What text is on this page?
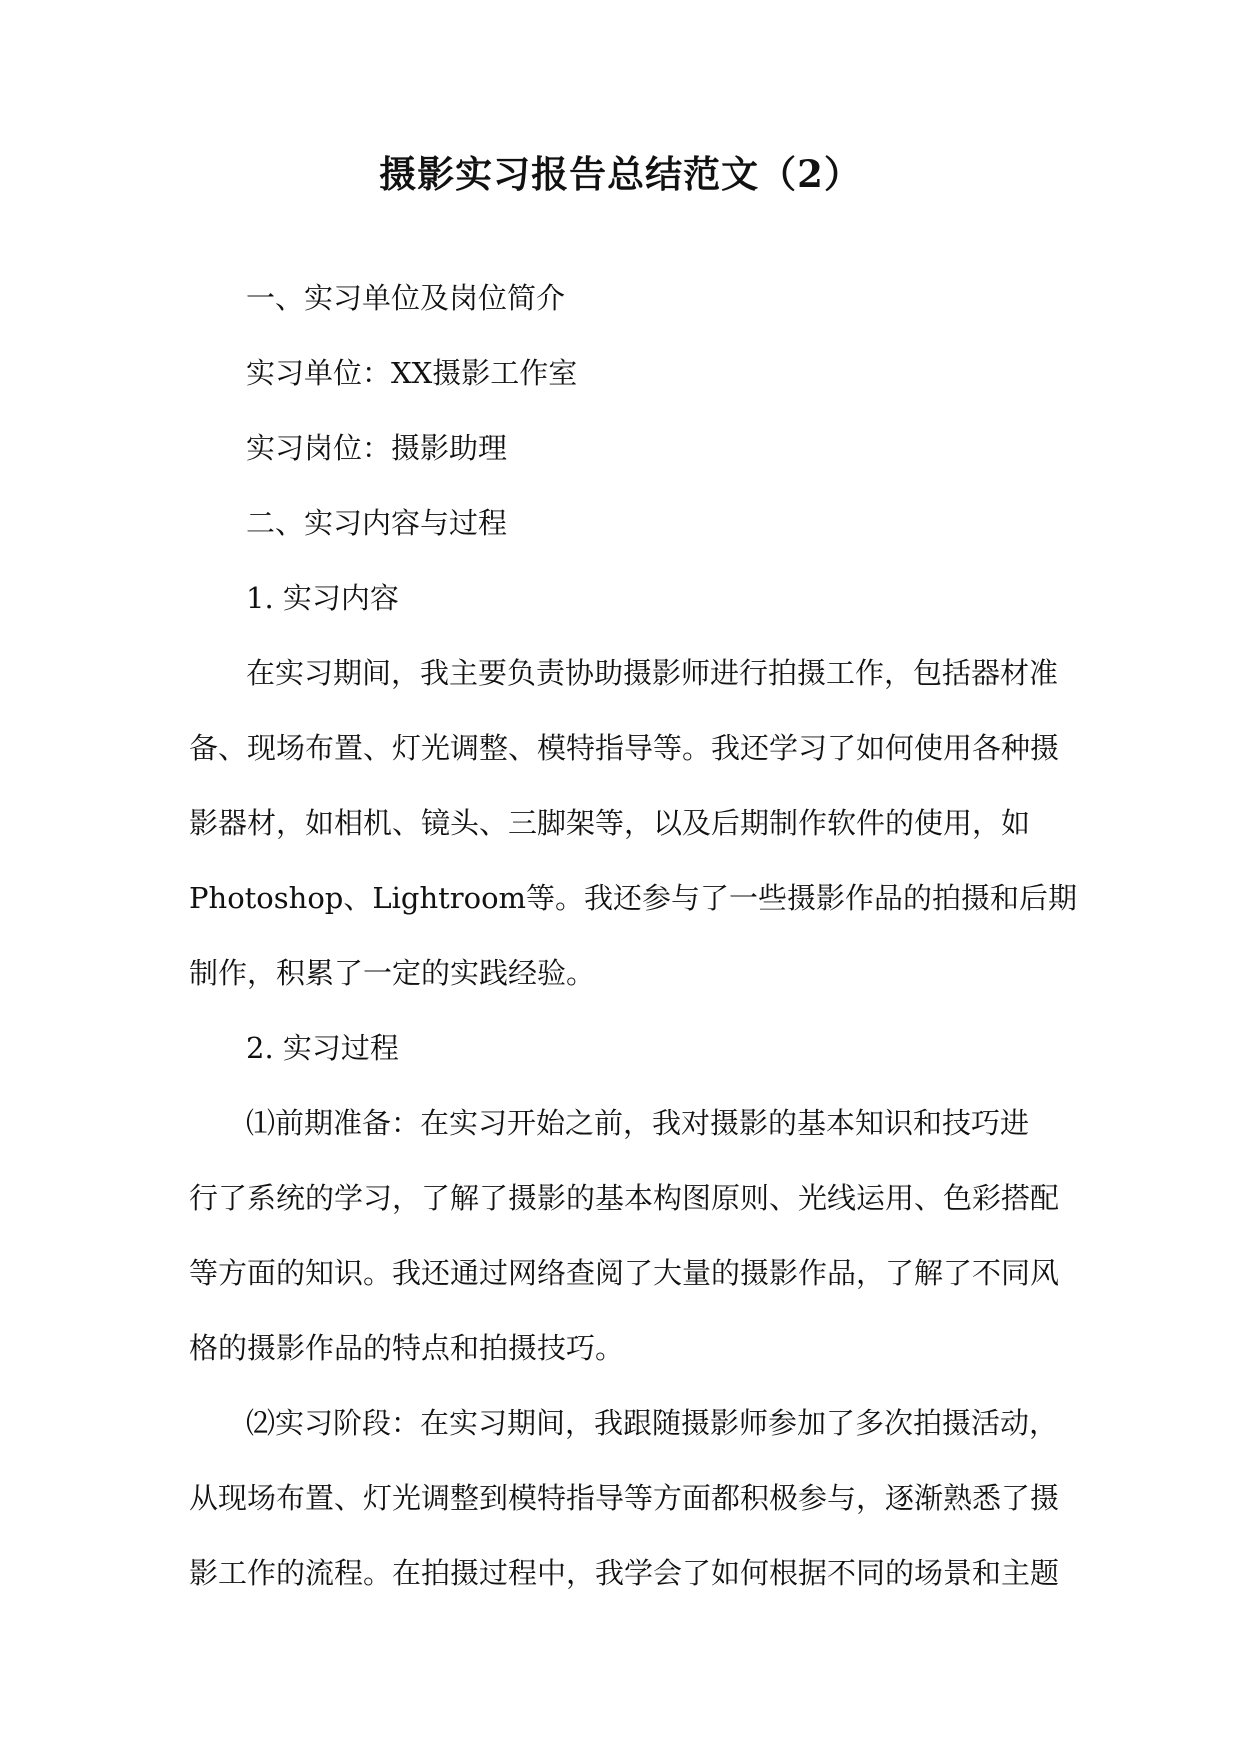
摄影实习报告总结范文（2）
一、实习单位及岗位简介
实习单位：XX摄影工作室
实习岗位：摄影助理
二、实习内容与过程
1. 实习内容
在实习期间，我主要负责协助摄影师进行拍摄工作，包括器材准
备、现场布置、灯光调整、模特指导等。我还学习了如何使用各种摄
影器材，如相机、镜头、三脚架等，以及后期制作软件的使用，如
Photoshop、Lightroom等。我还参与了一些摄影作品的拍摄和后期
制作，积累了一定的实践经验。
2. 实习过程
⑴前期准备：在实习开始之前，我对摄影的基本知识和技巧进
行了系统的学习，了解了摄影的基本构图原则、光线运用、色彩搭配
等方面的知识。我还通过网络查阅了大量的摄影作品，了解了不同风
格的摄影作品的特点和拍摄技巧。
⑵实习阶段：在实习期间，我跟随摄影师参加了多次拍摄活动，
从现场布置、灯光调整到模特指导等方面都积极参与，逐渐熟悉了摄
影工作的流程。在拍摄过程中，我学会了如何根据不同的场景和主题
